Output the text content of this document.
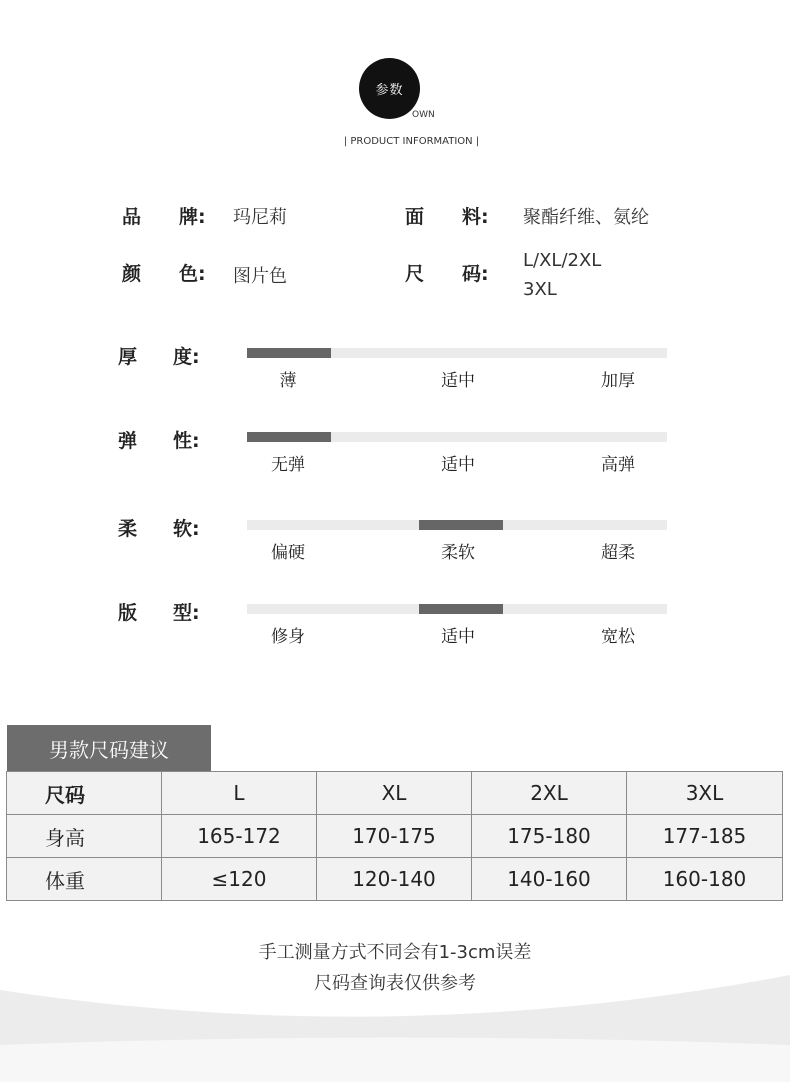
参数
OWN
| PRODUCT INFORMATION |
品 牌: 玛尼莉	面 料: 聚酯纤维、氨纶
颜 色: 图片色	尺 码:
L/XL/2XL
3XL
厚 度:
薄	适中	加厚
弹 性:
无弹	适中	高弹
柔 软:
偏硬	柔软	超柔
版 型:
修身	适中	宽松
男款尺码建议
尺码	L	XL	2XL	3XL
身高	165-172	170-175	175-180	177-185
体重	≤120	120-140	140-160	160-180
手工测量方式不同会有1-3cm误差
尺码查询表仅供参考
